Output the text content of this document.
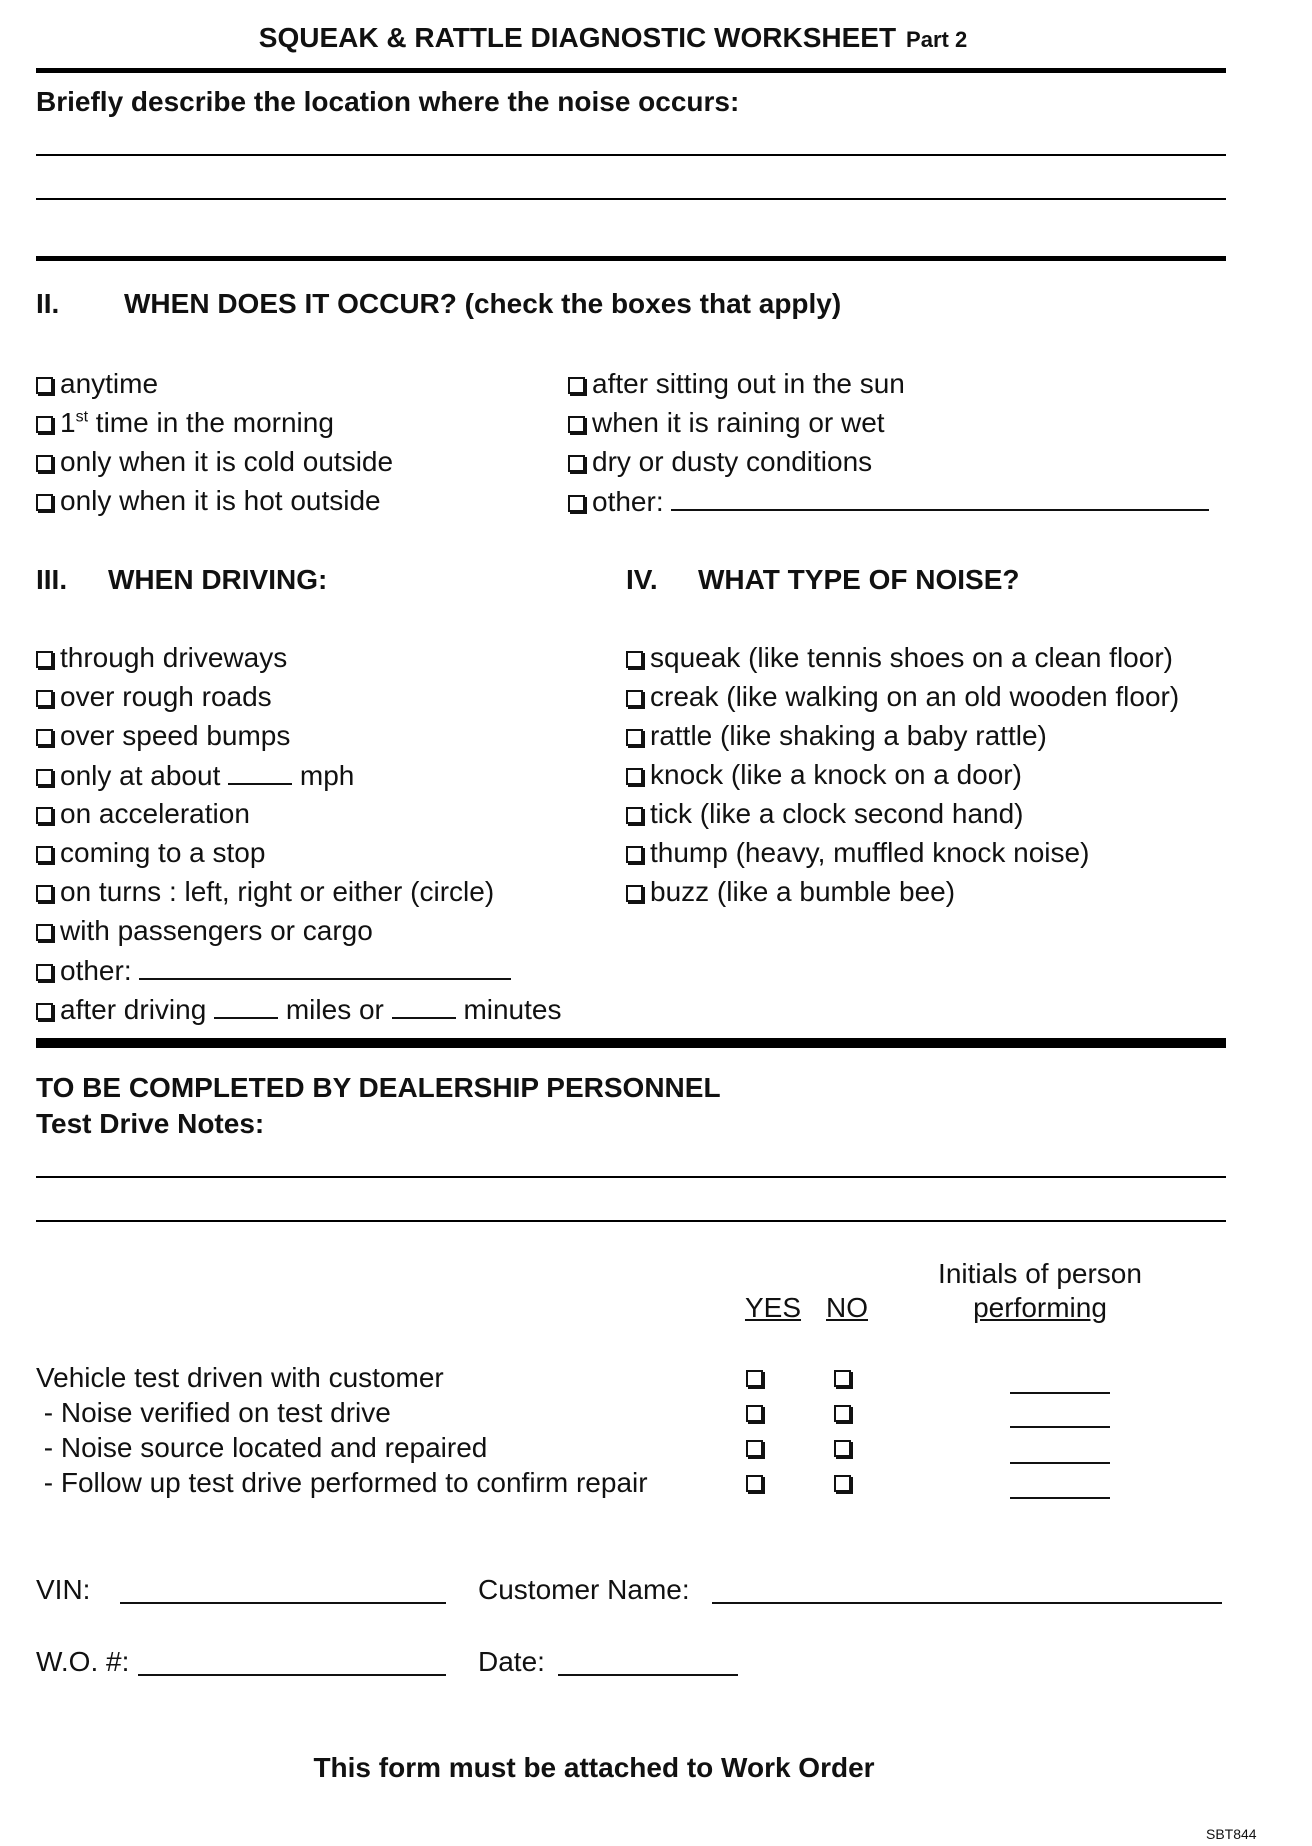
SQUEAK & RATTLE DIAGNOSTIC WORKSHEET Part 2
Briefly describe the location where the noise occurs:
II. WHEN DOES IT OCCUR? (check the boxes that apply)
anytime
1st time in the morning
only when it is cold outside
only when it is hot outside
after sitting out in the sun
when it is raining or wet
dry or dusty conditions
other:
III. WHEN DRIVING:
through driveways
over rough roads
over speed bumps
only at about	mph
on acceleration
coming to a stop
on turns : left, right or either (circle)
with passengers or cargo
other:
after driving	miles or	minutes
IV. WHAT TYPE OF NOISE?
squeak (like tennis shoes on a clean floor)
creak (like walking on an old wooden floor)
rattle (like shaking a baby rattle)
knock (like a knock on a door)
tick (like a clock second hand)
thump (heavy, muffled knock noise)
buzz (like a bumble bee)
TO BE COMPLETED BY DEALERSHIP PERSONNEL
Test Drive Notes:
YES NO
Initials of person
performing
Vehicle test driven with customer
- Noise verified on test drive
- Noise source located and repaired
- Follow up test drive performed to confirm repair
VIN:	Customer Name:
W.O. #:	Date:
This form must be attached to Work Order
SBT844
